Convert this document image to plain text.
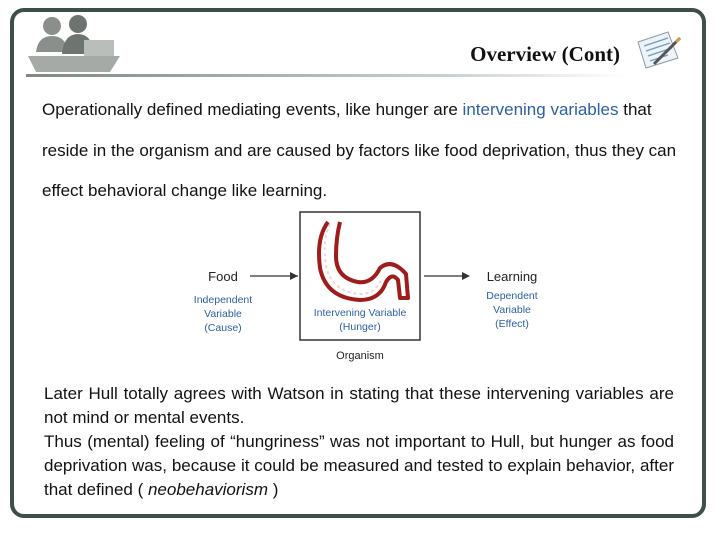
Overview (Cont)
Operationally defined mediating events, like hunger are intervening variables that reside in the organism and are caused by factors like food deprivation, thus they can effect behavioral change like learning.
Food
Independent
Variable
(Cause)
Intervening Variable
(Hunger)
Organism
Learning
Dependent
Variable
(Effect)

Later Hull totally agrees with Watson in stating that these intervening variables are not mind or mental events.

Thus (mental) feeling of “hungriness” was not important to Hull, but hunger as food deprivation was, because it could be measured and tested to explain behavior, after that defined ( neobehaviorism )
